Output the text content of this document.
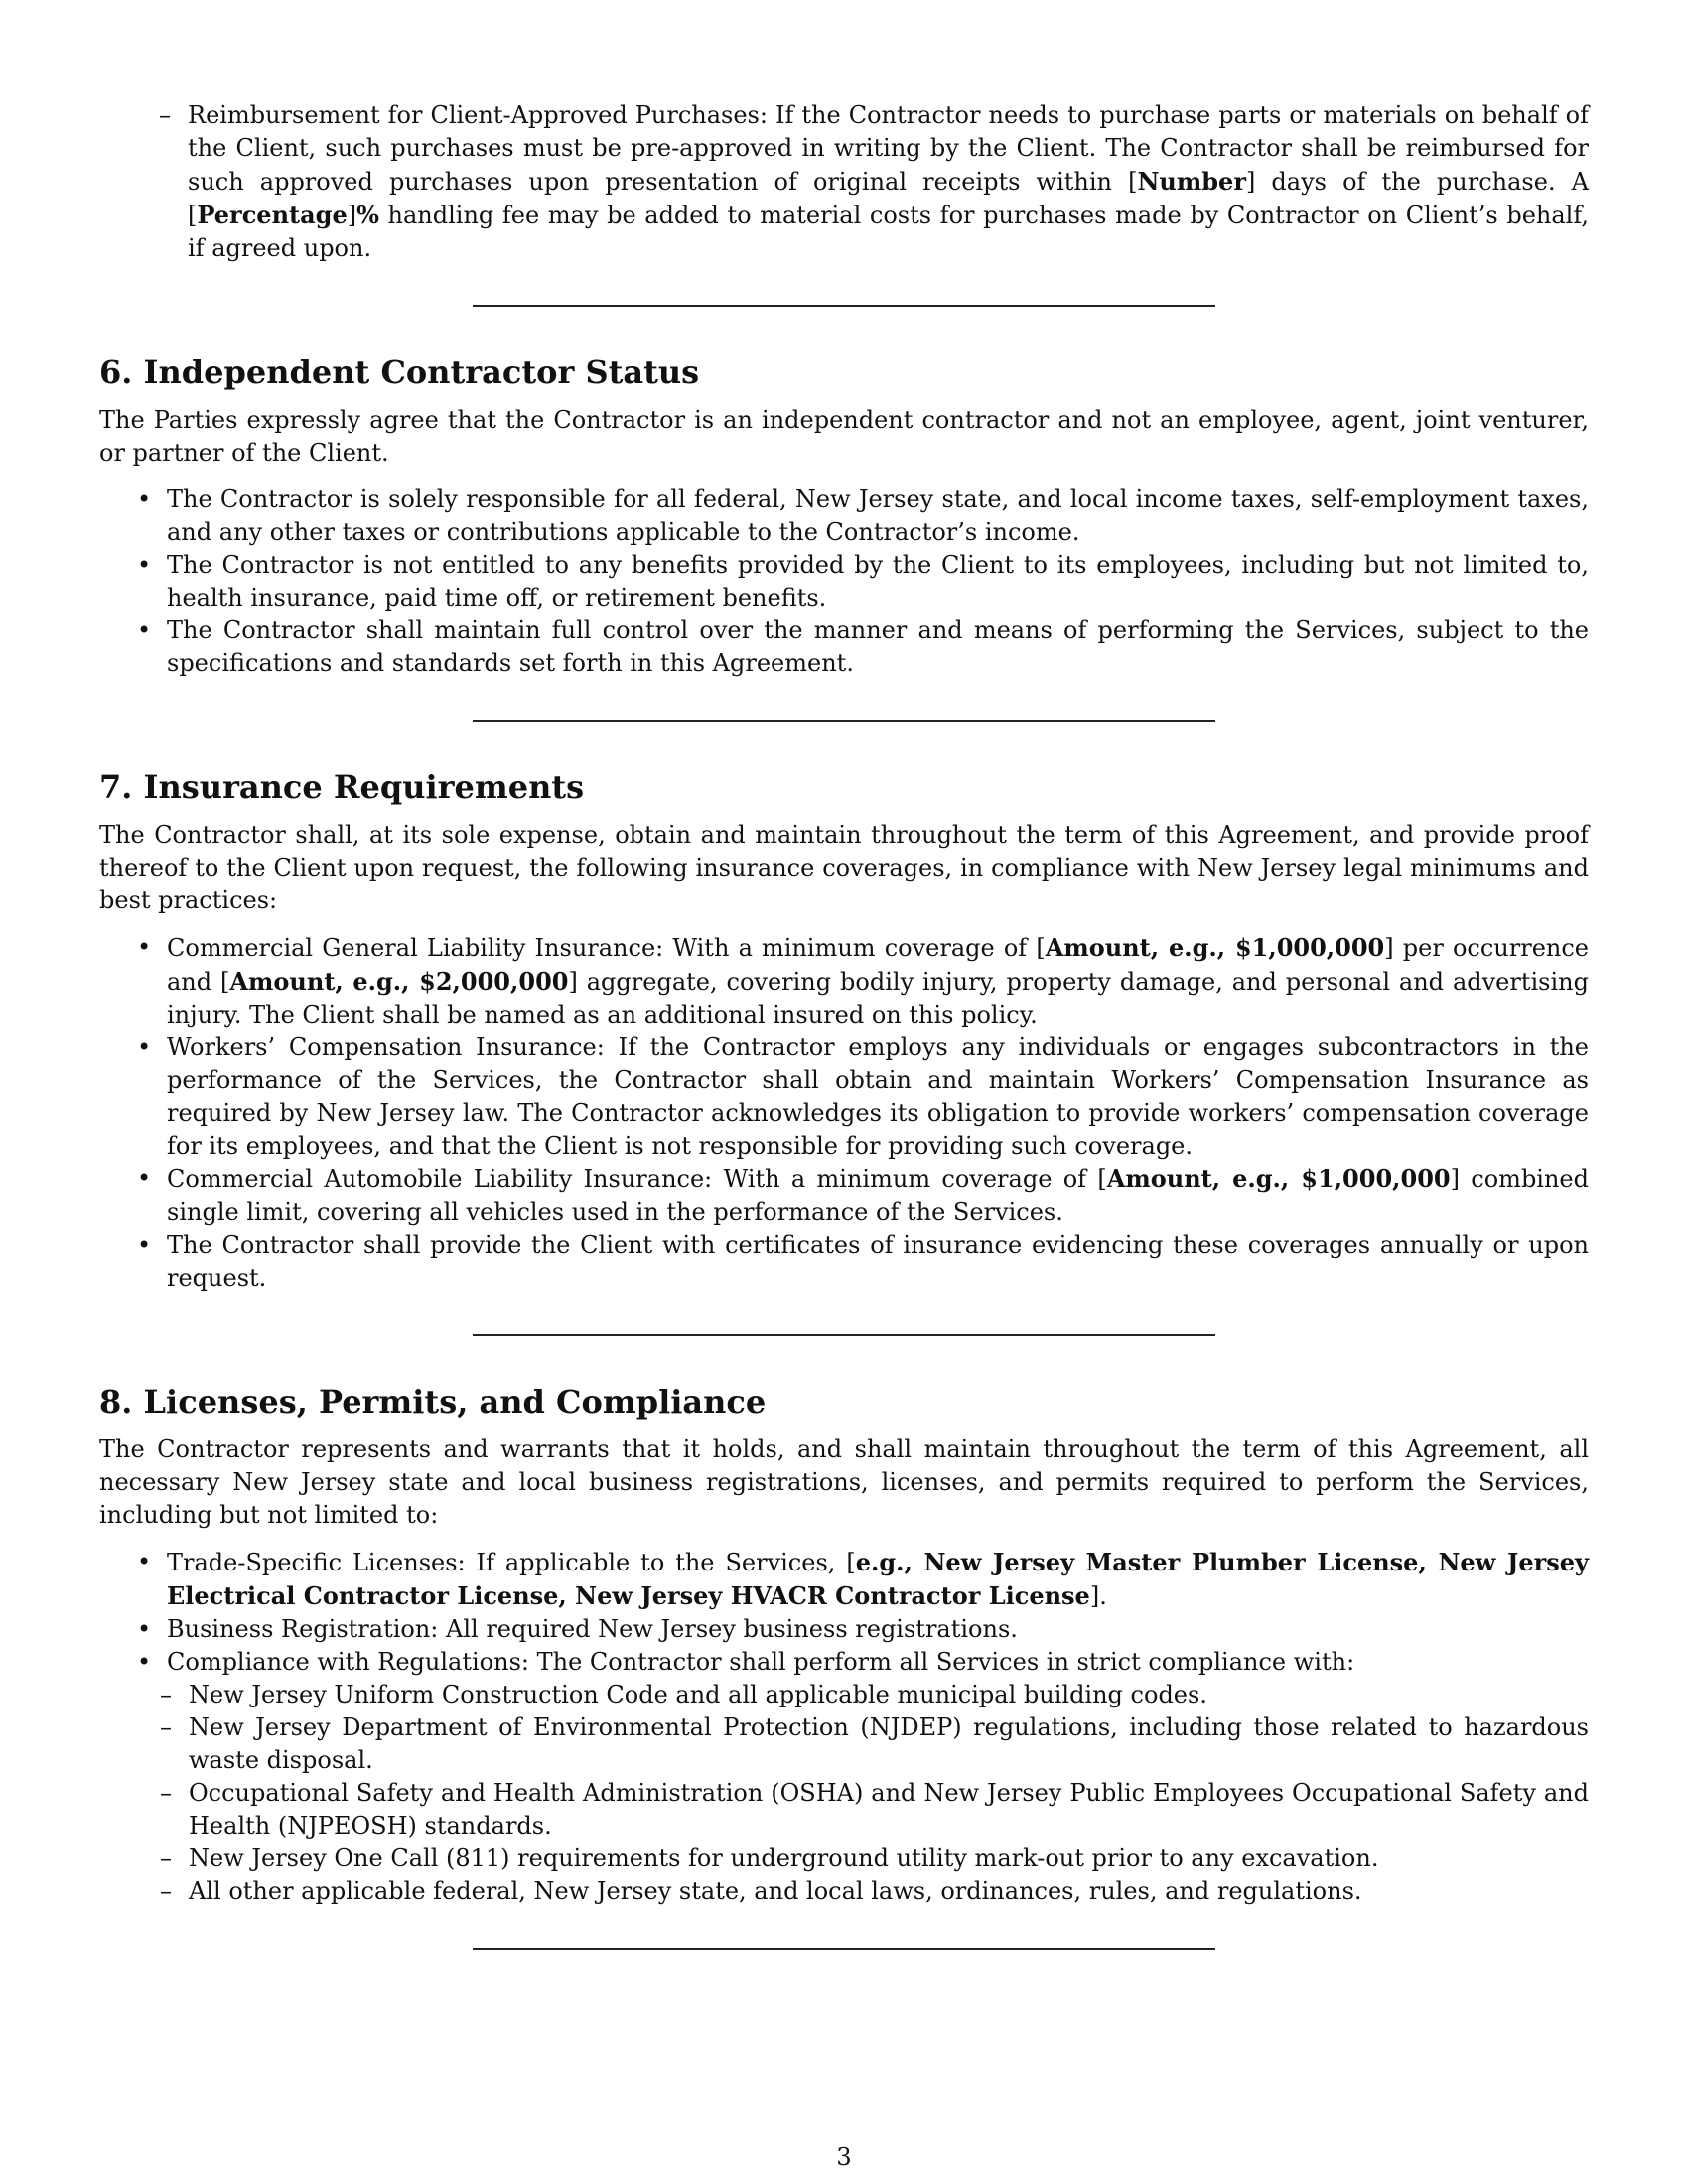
– Reimbursement for Client-Approved Purchases: If the Contractor needs to purchase parts or materials on behalf of the Client, such purchases must be pre-approved in writing by the Client. The Contractor shall be reimbursed for such approved purchases upon presentation of original receipts within [Number] days of the purchase. A [Percentage]% handling fee may be added to material costs for purchases made by Contractor on Client’s behalf, if agreed upon.
6. Independent Contractor Status

The Parties expressly agree that the Contractor is an independent contractor and not an employee, agent, joint venturer, or partner of the Client.

• The Contractor is solely responsible for all federal, New Jersey state, and local income taxes, self-employment taxes, and any other taxes or contributions applicable to the Contractor’s income.
• The Contractor is not entitled to any benefits provided by the Client to its employees, including but not limited to, health insurance, paid time off, or retirement benefits.
• The Contractor shall maintain full control over the manner and means of performing the Services, subject to the specifications and standards set forth in this Agreement.
7. Insurance Requirements

The Contractor shall, at its sole expense, obtain and maintain throughout the term of this Agreement, and provide proof thereof to the Client upon request, the following insurance coverages, in compliance with New Jersey legal minimums and best practices:

• Commercial General Liability Insurance: With a minimum coverage of [Amount, e.g., $1,000,000] per occurrence and [Amount, e.g., $2,000,000] aggregate, covering bodily injury, property damage, and personal and advertising injury. The Client shall be named as an additional insured on this policy.
• Workers’ Compensation Insurance: If the Contractor employs any individuals or engages subcontractors in the performance of the Services, the Contractor shall obtain and maintain Workers’ Compensation Insurance as required by New Jersey law. The Contractor acknowledges its obligation to provide workers’ compensation coverage for its employees, and that the Client is not responsible for providing such coverage.
• Commercial Automobile Liability Insurance: With a minimum coverage of [Amount, e.g., $1,000,000] combined single limit, covering all vehicles used in the performance of the Services.
• The Contractor shall provide the Client with certificates of insurance evidencing these coverages annually or upon request.
8. Licenses, Permits, and Compliance

The Contractor represents and warrants that it holds, and shall maintain throughout the term of this Agreement, all necessary New Jersey state and local business registrations, licenses, and permits required to perform the Services, including but not limited to:

• Trade-Specific Licenses: If applicable to the Services, [e.g., New Jersey Master Plumber License, New Jersey Electrical Contractor License, New Jersey HVACR Contractor License].
• Business Registration: All required New Jersey business registrations.
• Compliance with Regulations: The Contractor shall perform all Services in strict compliance with:
– New Jersey Uniform Construction Code and all applicable municipal building codes.
– New Jersey Department of Environmental Protection (NJDEP) regulations, including those related to hazardous waste disposal.
– Occupational Safety and Health Administration (OSHA) and New Jersey Public Employees Occupational Safety and Health (NJPEOSH) standards.
– New Jersey One Call (811) requirements for underground utility mark-out prior to any excavation.
– All other applicable federal, New Jersey state, and local laws, ordinances, rules, and regulations.
3
